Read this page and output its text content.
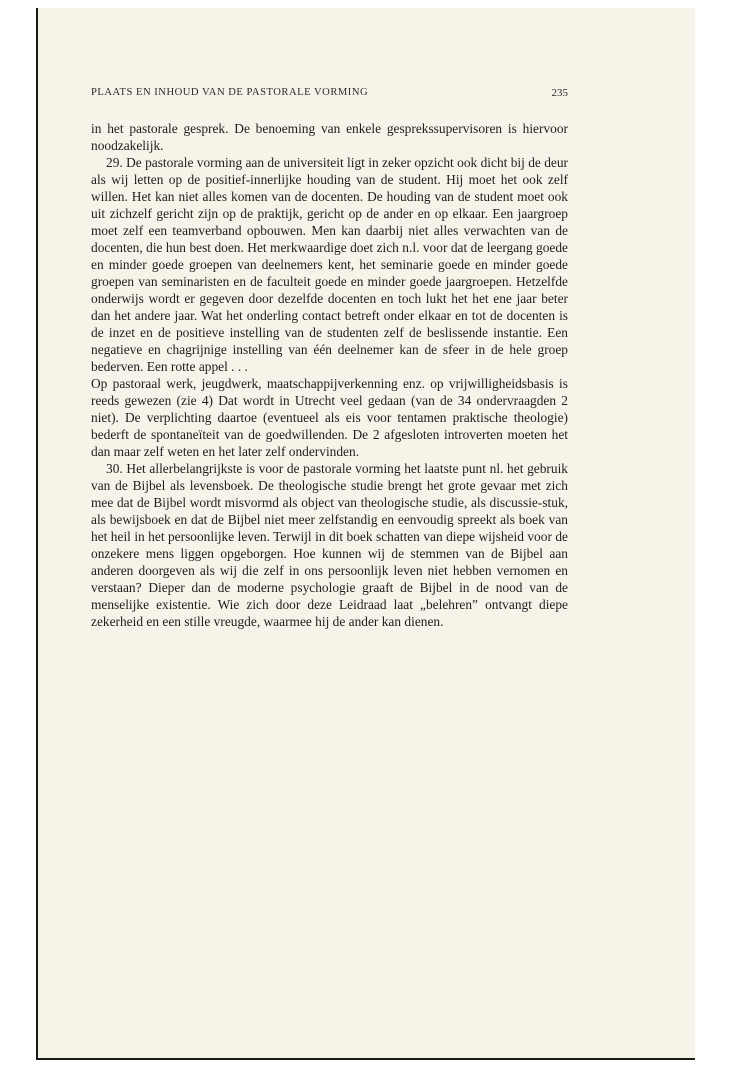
PLAATS EN INHOUD VAN DE PASTORALE VORMING	235

in het pastorale gesprek. De benoeming van enkele gesprekssupervisoren is hiervoor noodzakelijk.

29. De pastorale vorming aan de universiteit ligt in zeker opzicht ook dicht bij de deur als wij letten op de positief-innerlijke houding van de student. Hij moet het ook zelf willen. Het kan niet alles komen van de docenten. De houding van de student moet ook uit zichzelf gericht zijn op de praktijk, gericht op de ander en op elkaar. Een jaargroep moet zelf een teamverband opbouwen. Men kan daarbij niet alles verwachten van de docenten, die hun best doen. Het merkwaardige doet zich n.l. voor dat de leergang goede en minder goede groepen van deelnemers kent, het seminarie goede en minder goede groepen van seminaristen en de faculteit goede en minder goede jaargroepen. Hetzelfde onderwijs wordt er gegeven door dezelfde docenten en toch lukt het het ene jaar beter dan het andere jaar. Wat het onderling contact betreft onder elkaar en tot de docenten is de inzet en de positieve instelling van de studenten zelf de beslissende instantie. Een negatieve en chagrijnige instelling van één deelnemer kan de sfeer in de hele groep bederven. Een rotte appel . . .

Op pastoraal werk, jeugdwerk, maatschappijverkenning enz. op vrijwilligheidsbasis is reeds gewezen (zie 4) Dat wordt in Utrecht veel gedaan (van de 34 ondervraagden 2 niet). De verplichting daartoe (eventueel als eis voor tentamen praktische theologie) bederft de spontaneïteit van de goedwillenden. De 2 afgesloten introverten moeten het dan maar zelf weten en het later zelf ondervinden.

30. Het allerbelangrijkste is voor de pastorale vorming het laatste punt nl. het gebruik van de Bijbel als levensboek. De theologische studie brengt het grote gevaar met zich mee dat de Bijbel wordt misvormd als object van theologische studie, als discussie-stuk, als bewijsboek en dat de Bijbel niet meer zelfstandig en eenvoudig spreekt als boek van het heil in het persoonlijke leven. Terwijl in dit boek schatten van diepe wijsheid voor de onzekere mens liggen opgeborgen. Hoe kunnen wij de stemmen van de Bijbel aan anderen doorgeven als wij die zelf in ons persoonlijk leven niet hebben vernomen en verstaan? Dieper dan de moderne psychologie graaft de Bijbel in de nood van de menselijke existentie. Wie zich door deze Leidraad laat „belehren” ontvangt diepe zekerheid en een stille vreugde, waarmee hij de ander kan dienen.
